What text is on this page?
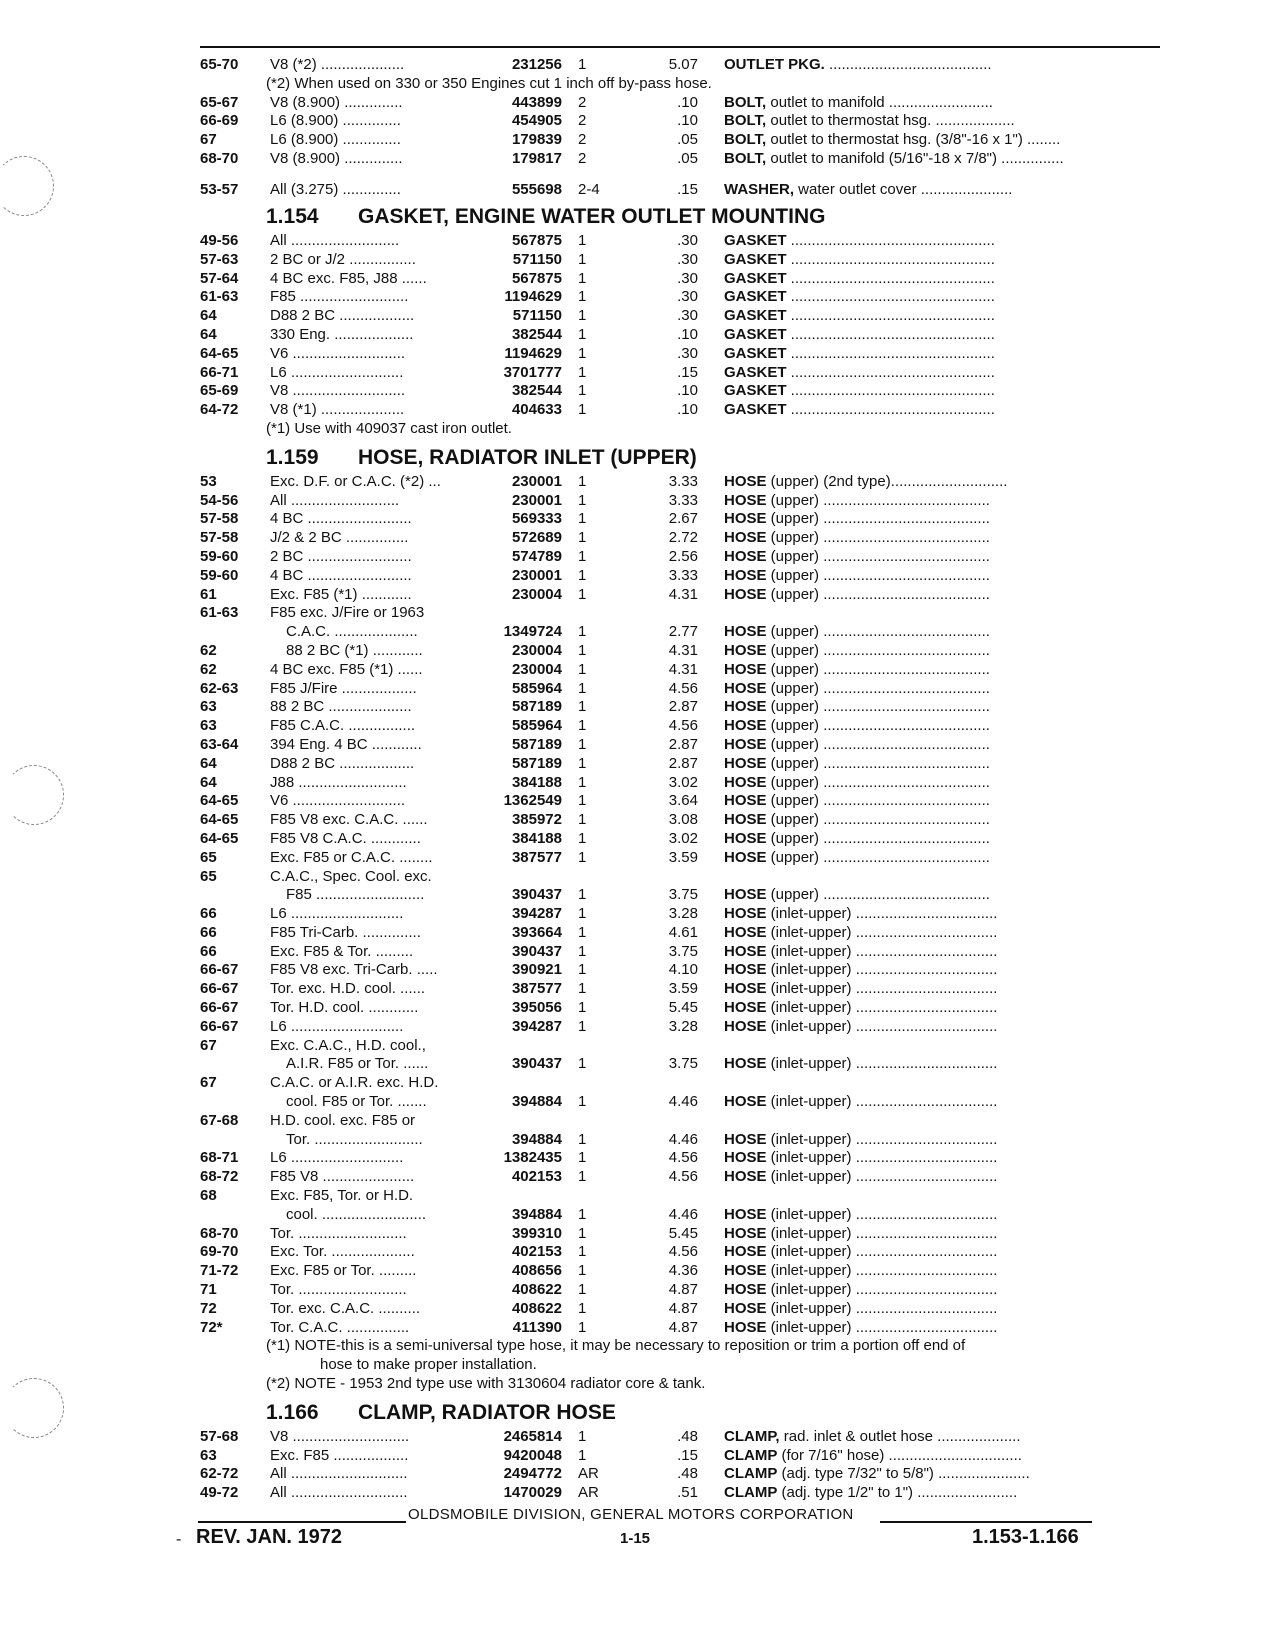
65-70 V8 (*2) ....................	231256 1	5.07 OUTLET PKG. .......................................
(*2) When used on 330 or 350 Engines cut 1 inch off by-pass hose.
65-67 V8 (8.900) ..............	443899 2	.10 BOLT, outlet to manifold .........................
66-69 L6 (8.900) ..............	454905 2	.10 BOLT, outlet to thermostat hsg. ...................
67	L6 (8.900) ..............	179839 2	.05 BOLT, outlet to thermostat hsg. (3/8"-16 x 1") ........
68-70 V8 (8.900) ..............	179817 2	.05 BOLT, outlet to manifold (5/16"-18 x 7/8") ...............
53-57 All (3.275) ..............	555698 2-4	.15 WASHER, water outlet cover ......................
1.154 GASKET, ENGINE WATER OUTLET MOUNTING
49-56 All ..........................	567875 1	.30 GASKET .................................................
57-63 2 BC or J/2 ................	571150 1	.30 GASKET .................................................
57-64 4 BC exc. F85, J88 ......	567875 1	.30 GASKET .................................................
61-63 F85 ..........................	1194629 1	.30 GASKET .................................................
64	D88 2 BC ..................	571150 1	.30 GASKET .................................................
64	330 Eng. ...................	382544 1	.10 GASKET .................................................
64-65 V6 ...........................	1194629 1	.30 GASKET .................................................
66-71 L6 ...........................	3701777 1	.15 GASKET .................................................
65-69 V8 ...........................	382544 1	.10 GASKET .................................................
64-72 V8 (*1) ....................	404633 1	.10 GASKET .................................................
(*1) Use with 409037 cast iron outlet.
1.159 HOSE, RADIATOR INLET (UPPER)
53	Exc. D.F. or C.A.C. (*2) ...	230001 1	3.33 HOSE (upper) (2nd type)............................
54-56 All ..........................	230001 1	3.33 HOSE (upper) ........................................
57-58 4 BC .........................	569333 1	2.67 HOSE (upper) ........................................
57-58 J/2 & 2 BC ...............	572689 1	2.72 HOSE (upper) ........................................
59-60 2 BC .........................	574789 1	2.56 HOSE (upper) ........................................
59-60 4 BC .........................	230001 1	3.33 HOSE (upper) ........................................
61	Exc. F85 (*1) ............	230004 1	4.31 HOSE (upper) ........................................
61-63 F85 exc. J/Fire or 1963
C.A.C. ....................	1349724 1	2.77 HOSE (upper) ........................................
62	88 2 BC (*1) ............	230004 1	4.31 HOSE (upper) ........................................
62	4 BC exc. F85 (*1) ......	230004 1	4.31 HOSE (upper) ........................................
62-63 F85 J/Fire ..................	585964 1	4.56 HOSE (upper) ........................................
63	88 2 BC ....................	587189 1	2.87 HOSE (upper) ........................................
63	F85 C.A.C. ................	585964 1	4.56 HOSE (upper) ........................................
63-64 394 Eng. 4 BC ............	587189 1	2.87 HOSE (upper) ........................................
64	D88 2 BC ..................	587189 1	2.87 HOSE (upper) ........................................
64	J88 ..........................	384188 1	3.02 HOSE (upper) ........................................
64-65 V6 ...........................	1362549 1	3.64 HOSE (upper) ........................................
64-65 F85 V8 exc. C.A.C. ......	385972 1	3.08 HOSE (upper) ........................................
64-65 F85 V8 C.A.C. ............	384188 1	3.02 HOSE (upper) ........................................
65	Exc. F85 or C.A.C. ........	387577 1	3.59 HOSE (upper) ........................................
65	C.A.C., Spec. Cool. exc.
F85 ..........................	390437 1	3.75 HOSE (upper) ........................................
66	L6 ...........................	394287 1	3.28 HOSE (inlet-upper) ..................................
66	F85 Tri-Carb. ..............	393664 1	4.61 HOSE (inlet-upper) ..................................
66	Exc. F85 & Tor. .........	390437 1	3.75 HOSE (inlet-upper) ..................................
66-67 F85 V8 exc. Tri-Carb. .....	390921 1	4.10 HOSE (inlet-upper) ..................................
66-67 Tor. exc. H.D. cool. ......	387577 1	3.59 HOSE (inlet-upper) ..................................
66-67 Tor. H.D. cool. ............	395056 1	5.45 HOSE (inlet-upper) ..................................
66-67 L6 ...........................	394287 1	3.28 HOSE (inlet-upper) ..................................
67	Exc. C.A.C., H.D. cool.,
A.I.R. F85 or Tor. ......	390437 1	3.75 HOSE (inlet-upper) ..................................
67	C.A.C. or A.I.R. exc. H.D.
cool. F85 or Tor. .......	394884 1	4.46 HOSE (inlet-upper) ..................................
67-68 H.D. cool. exc. F85 or
Tor. ..........................	394884 1	4.46 HOSE (inlet-upper) ..................................
68-71 L6 ...........................	1382435 1	4.56 HOSE (inlet-upper) ..................................
68-72 F85 V8 ......................	402153 1	4.56 HOSE (inlet-upper) ..................................
68	Exc. F85, Tor. or H.D.
cool. .........................	394884 1	4.46 HOSE (inlet-upper) ..................................
68-70 Tor. ..........................	399310 1	5.45 HOSE (inlet-upper) ..................................
69-70 Exc. Tor. ....................	402153 1	4.56 HOSE (inlet-upper) ..................................
71-72 Exc. F85 or Tor. .........	408656 1	4.36 HOSE (inlet-upper) ..................................
71	Tor. ..........................	408622 1	4.87 HOSE (inlet-upper) ..................................
72	Tor. exc. C.A.C. ..........	408622 1	4.87 HOSE (inlet-upper) ..................................
72*	Tor. C.A.C. ...............	411390 1	4.87 HOSE (inlet-upper) ..................................
(*1) NOTE-this is a semi-universal type hose, it may be necessary to reposition or trim a portion off end of
hose to make proper installation.
(*2) NOTE - 1953 2nd type use with 3130604 radiator core & tank.
1.166 CLAMP, RADIATOR HOSE
57-68 V8 ............................	2465814 1	.48 CLAMP, rad. inlet & outlet hose ....................
63	Exc. F85 ..................	9420048 1	.15 CLAMP (for 7/16" hose) ................................
62-72 All ............................	2494772 AR	.48 CLAMP (adj. type 7/32" to 5/8") ......................
49-72 All ............................	1470029 AR	.51 CLAMP (adj. type 1/2" to 1") ........................
OLDSMOBILE DIVISION, GENERAL MOTORS CORPORATION
- REV. JAN. 1972	1-15	1.153-1.166
